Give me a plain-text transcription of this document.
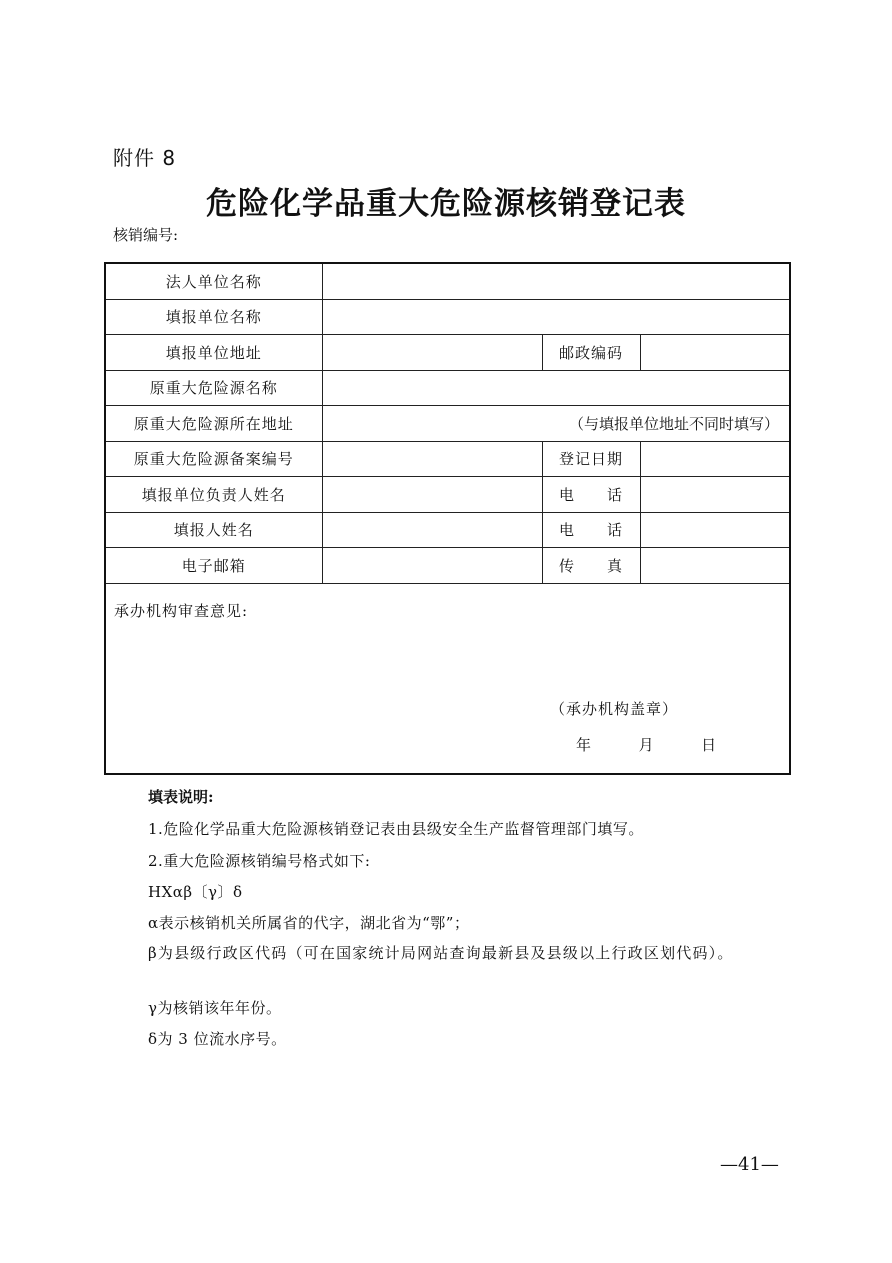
附件 8
危险化学品重大危险源核销登记表
核销编号:
法人单位名称			
填报单位名称			
填报单位地址		邮政编码	
原重大危险源名称			
原重大危险源所在地址	（与填报单位地址不同时填写）		
原重大危险源备案编号		登记日期	
填报单位负责人姓名		电　　话	
填报人姓名		电　　话	
电子邮箱		传　　真	

承办机构审查意见:
（承办机构盖章）
年 月 日			
填表说明:
1.危险化学品重大危险源核销登记表由县级安全生产监督管理部门填写。
2.重大危险源核销编号格式如下:
HXαβ〔γ〕δ
α表示核销机关所属省的代字，湖北省为“鄂”；
β为县级行政区代码（可在国家统计局网站查询最新县及县级以上行政区划代码）。
γ为核销该年年份。
δ为 3 位流水序号。
—41—
